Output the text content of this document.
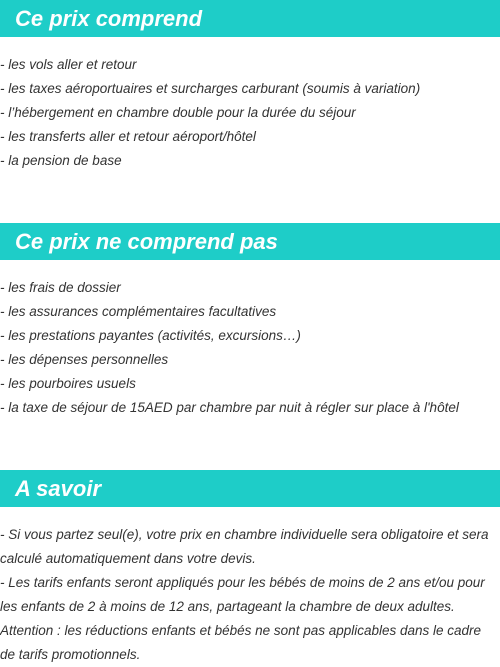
Ce prix comprend
- les vols aller et retour
- les taxes aéroportuaires et surcharges carburant (soumis à variation)
- l’hébergement en chambre double pour la durée du séjour
- les transferts aller et retour aéroport/hôtel
- la pension de base
Ce prix ne comprend pas
- les frais de dossier
- les assurances complémentaires facultatives
- les prestations payantes (activités, excursions…)
- les dépenses personnelles
- les pourboires usuels
- la taxe de séjour de 15AED par chambre par nuit à régler sur place à l'hôtel
A savoir

- Si vous partez seul(e), votre prix en chambre individuelle sera obligatoire et sera calculé automatiquement dans votre devis.

- Les tarifs enfants seront appliqués pour les bébés de moins de 2 ans et/ou pour les enfants de 2 à moins de 12 ans, partageant la chambre de deux adultes.

Attention : les réductions enfants et bébés ne sont pas applicables dans le cadre de tarifs promotionnels.
